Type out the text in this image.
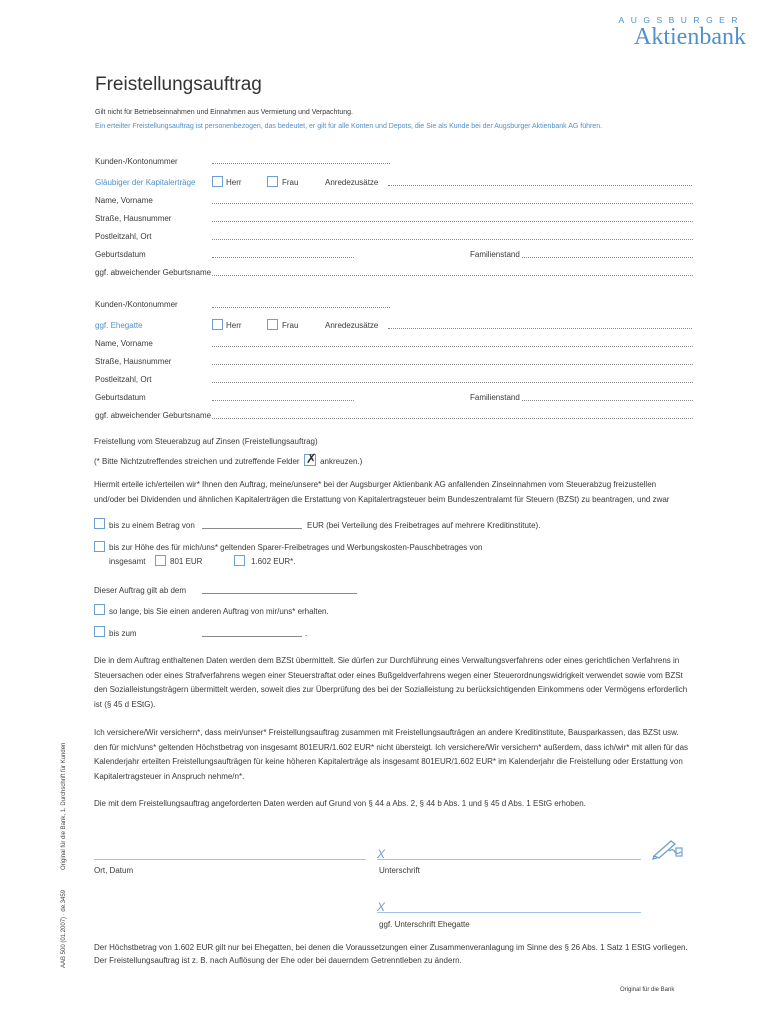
AUGSBURGER
Aktienbank
Freistellungsauftrag
Gilt nicht für Betriebseinnahmen und Einnahmen aus Vermietung und Verpachtung.
Ein erteilter Freistellungsauftrag ist personenbezogen, das bedeutet, er gilt für alle Konten und Depots, die Sie als Kunde bei der Augsburger Aktienbank AG führen.
Kunden-/Kontonummer
Gläubiger der Kapitalerträge	Herr	Frau	Anredezusätze
Name, Vorname
Straße, Hausnummer
Postleitzahl, Ort
Geburtsdatum	Familienstand
ggf. abweichender Geburtsname
Kunden-/Kontonummer
ggf. Ehegatte	Herr	Frau	Anredezusätze
Name, Vorname
Straße, Hausnummer
Postleitzahl, Ort
Geburtsdatum	Familienstand
ggf. abweichender Geburtsname
Freistellung vom Steuerabzug auf Zinsen (Freistellungsauftrag)
(* Bitte Nichtzutreffendes streichen und zutreffende Felder ✗ ankreuzen.)
Hiermit erteile ich/erteilen wir* Ihnen den Auftrag, meine/unsere* bei der Augsburger Aktienbank AG anfallenden Zinseinnahmen vom Steuerabzug freizustellen
und/oder bei Dividenden und ähnlichen Kapitalerträgen die Erstattung von Kapitalertragsteuer beim Bundeszentralamt für Steuern (BZSt) zu beantragen, und zwar
bis zu einem Betrag von	EUR (bei Verteilung des Freibetrages auf mehrere Kreditinstitute).
bis zur Höhe des für mich/uns* geltenden Sparer-Freibetrages und Werbungskosten-Pauschbetrages von
insgesamt	801 EUR	1.602 EUR*.
Dieser Auftrag gilt ab dem
so lange, bis Sie einen anderen Auftrag von mir/uns* erhalten.
bis zum	.
Die in dem Auftrag enthaltenen Daten werden dem BZSt übermittelt. Sie dürfen zur Durchführung eines Verwaltungsverfahrens oder eines gerichtlichen Verfahrens in Steuersachen oder eines Strafverfahrens wegen einer Steuerstraftat oder eines Bußgeldverfahrens wegen einer Steuerordnungswidrigkeit verwendet sowie vom BZSt den Sozialleistungsträgern übermittelt werden, soweit dies zur Überprüfung des bei der Sozialleistung zu berücksichtigenden Einkommens oder Vermögens erforderlich ist (§ 45 d EStG).
Ich versichere/Wir versichern*, dass mein/unser* Freistellungsauftrag zusammen mit Freistellungsaufträgen an andere Kreditinstitute, Bausparkassen, das BZSt usw. den für mich/uns* geltenden Höchstbetrag von insgesamt 801EUR/1.602 EUR* nicht übersteigt. Ich versichere/Wir versichern* außerdem, dass ich/wir* mit allen für das Kalenderjahr erteilten Freistellungsaufträgen für keine höheren Kapitalerträge als insgesamt 801EUR/1.602 EUR* im Kalenderjahr die Freistellung oder Erstattung von Kapitalertragsteuer in Anspruch nehme/n*.
Die mit dem Freistellungsauftrag angeforderten Daten werden auf Grund von § 44 a Abs. 2, § 44 b Abs. 1 und § 45 d Abs. 1 EStG erhoben.
Ort, Datum
X
Unterschrift
X
ggf. Unterschrift Ehegatte
Der Höchstbetrag von 1.602 EUR gilt nur bei Ehegatten, bei denen die Voraussetzungen einer Zusammenveranlagung im Sinne des § 26 Abs. 1 Satz 1 EStG vorliegen.
Der Freistellungsauftrag ist z. B. nach Auflösung der Ehe oder bei dauerndem Getrenntleben zu ändern.
Original für die Bank
Original für die Bank, 1. Durchschrift für Kunden
AAB 500 (01.2007) · de.3459
